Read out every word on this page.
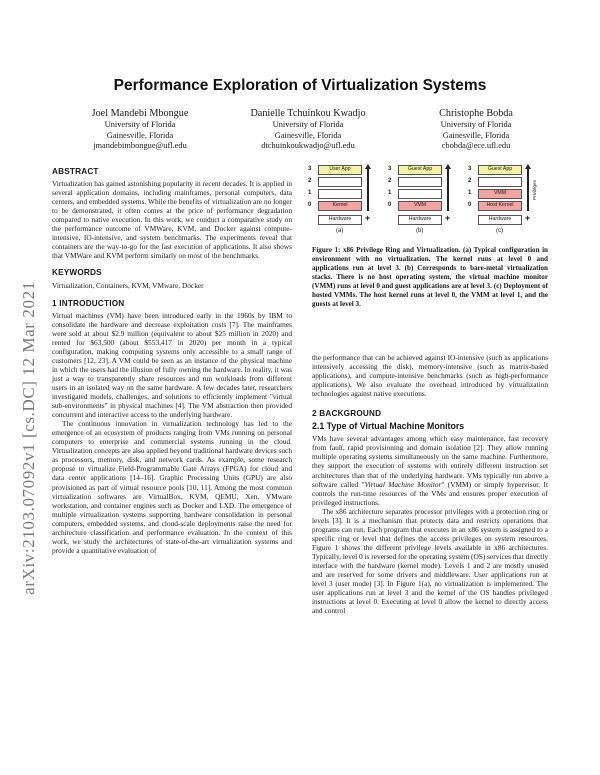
arXiv:2103.07092v1 [cs.DC] 12 Mar 2021
Performance Exploration of Virtualization Systems
Joel Mandebi Mbongue
University of Florida
Gainesville, Florida
jmandebimbongue@ufl.edu
Danielle Tchuinkou Kwadjo
University of Florida
Gainesville, Florida
dtchuinkoukwadjo@ufl.edu
Christophe Bobda
University of Florida
Gainesville, Florida
cbobda@ece.ufl.edu
ABSTRACT

Virtualization has gained astonishing popularity in recent decades. It is applied in several application domains, including mainframes, personal computers, data centers, and embedded systems. While the benefits of virtualization are no longer to be demonstrated, it often comes at the price of performance degradation compared to native execution. In this work, we conduct a comparative study on the performance outcome of VMWare, KVM, and Docker against compute-intensive, IO-intensive, and system benchmarks. The experiments reveal that containers are the way-to-go for the fast execution of applications. It also shows that VMWare and KVM perform similarly on most of the benchmarks.

KEYWORDS

Virtualization, Containers, KVM, VMware, Docker

1 INTRODUCTION

Virtual machines (VM) have been introduced early in the 1960s by IBM to consolidate the hardware and decrease exploitation costs [7]. The mainframes were sold at about $2.9 million (equivalent to about $25 million in 2020) and rented for $63,500 (about $553,417 in 2020) per month in a typical configuration, making computing systems only accessible to a small range of customers [12, 23]. A VM could be seen as an instance of the physical machine in which the users had the illusion of fully owning the hardware. In reality, it was just a way to transparently share resources and run workloads from different users in an isolated way on the same hardware. A few decades later, researchers investigated models, challenges, and solutions to efficiently implement "virtual sub-environments" in physical machines [4]. The VM abstraction then provided concurrent and interactive access to the underlying hardware.

The continuous innovation in virtualization technology has led to the emergence of an ecosystem of products ranging from VMs running on personal computers to enterprise and commercial systems running in the cloud. Virtualization concepts are also applied beyond traditional hardware devices such as processors, memory, disk, and network cards. As example, some research propose to virtualize Field-Programmable Gate Arrays (FPGA) for cloud and data center applications [14–16]. Graphic Processing Units (GPU) are also provisioned as part of virtual resource pools [10, 11]. Among the most common virtualization softwares are VirtualBox, KVM, QEMU, Xen, VMware workstation, and container engines such as Docker and LXD. The emergence of multiple virtualization systems supporting hardware consolidation in personal computers, embedded systems, and cloud-scale deployments raise the need for architecture classification and performance evaluation. In the context of this work, we study the architectures of state-of-the-art virtualization systems and provide a quantitative evaluation of

3
2
1
0
User App
Kernel
Hardware
(a)
3
2
1
0
Guest App
VMM
Hardware
(b)
3
2
1
0
Guest App
VMM
Host Kernel
Hardware
(c)
Privileges
+	+	+
Figure 1: x86 Privilege Ring and Virtualization. (a) Typical configuration in environment with no virtualization. The kernel runs at level 0 and applications run at level 3. (b) Corresponds to bare-metal virtualization stacks. There is no host operating system, the virtual machine monitor (VMM) runs at level 0 and guest applications are at level 3. (c) Deployment of hosted VMMs. The host kernel runs at level 0, the VMM at level 1, and the guests at level 3.

the performance that can be achieved against IO-intensive (such as applications intensively accessing the disk), memory-intensive (such as matrix-based applications), and compute-intensive benchmarks (such as high-performance applications). We also evaluate the overhead introduced by virtualization technologies against native executions.

2 BACKGROUND
2.1 Type of Virtual Machine Monitors

VMs have several advantages among which easy maintenance, fast recovery from fault, rapid provisioning and domain isolation [2]. They allow running multiple operating systems simultaneously on the same machine. Furthermore, they support the execution of systems with entirely different instruction set architectures than that of the underlying hardware. VMs typically run above a software called "Virtual Machine Monitor" (VMM) or simply hypervisor. It controls the run-time resources of the VMs and ensures proper execution of privileged instructions.

The x86 architecture separates processor privileges with a protection ring or levels [3]. It is a mechanism that protects data and restricts operations that programs can run. Each program that executes in an x86 system is assigned to a specific ring or level that defines the access privileges on system resources. Figure 1 shows the different privilege levels available in x86 architectures. Typically, level 0 is reversed for the operating system (OS) services that directly interface with the hardware (kernel mode). Levels 1 and 2 are mostly unused and are reserved for some drivers and middleware. User applications run at level 3 (user mode) [3]. In Figure 1(a), no virtualization is implemented. The user applications run at level 3 and the kernel of the OS handles privileged instructions at level 0. Executing at level 0 allow the kernel to directly access and control
